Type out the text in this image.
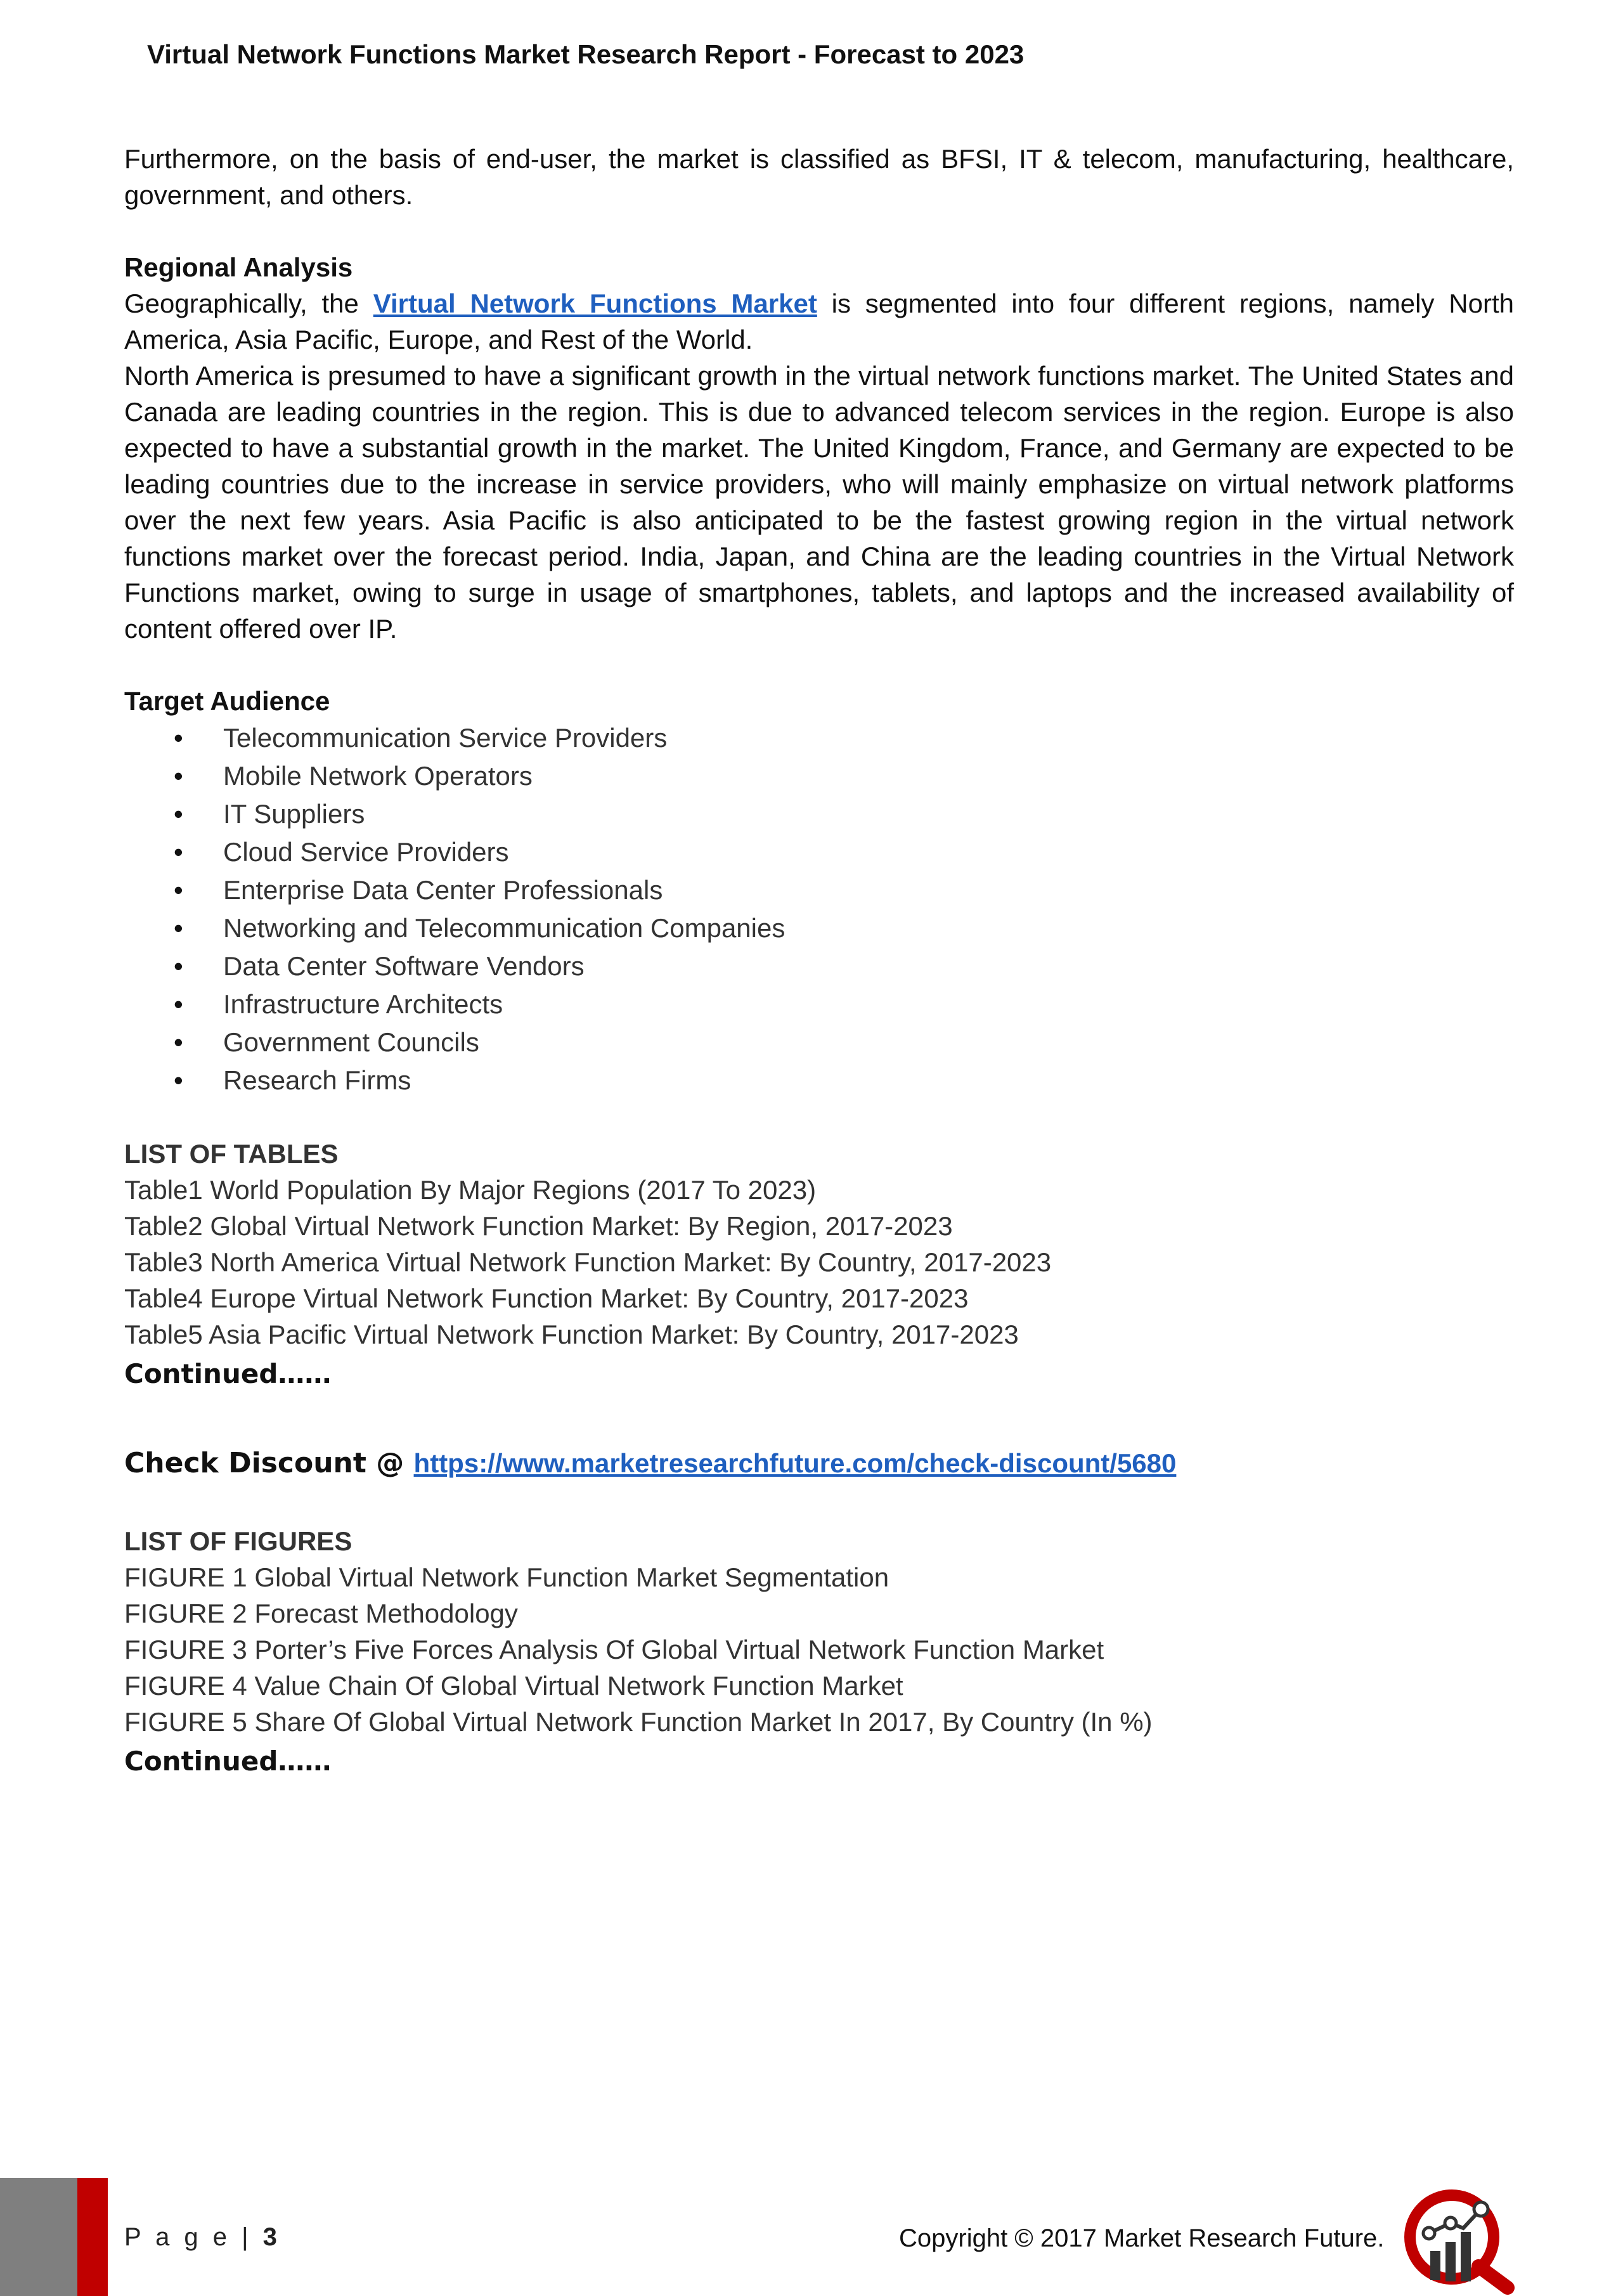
Virtual Network Functions Market Research Report - Forecast to 2023

Furthermore, on the basis of end-user, the market is classified as BFSI, IT & telecom, manufacturing, healthcare, government, and others.

Regional Analysis

Geographically, the Virtual Network Functions Market is segmented into four different regions, namely North America, Asia Pacific, Europe, and Rest of the World.

North America is presumed to have a significant growth in the virtual network functions market. The United States and Canada are leading countries in the region. This is due to advanced telecom services in the region. Europe is also expected to have a substantial growth in the market. The United Kingdom, France, and Germany are expected to be leading countries due to the increase in service providers, who will mainly emphasize on virtual network platforms over the next few years. Asia Pacific is also anticipated to be the fastest growing region in the virtual network functions market over the forecast period. India, Japan, and China are the leading countries in the Virtual Network Functions market, owing to surge in usage of smartphones, tablets, and laptops and the increased availability of content offered over IP.

Target Audience
• Telecommunication Service Providers
• Mobile Network Operators
• IT Suppliers
• Cloud Service Providers
• Enterprise Data Center Professionals
• Networking and Telecommunication Companies
• Data Center Software Vendors
• Infrastructure Architects
• Government Councils
• Research Firms
LIST OF TABLES
Table1 World Population By Major Regions (2017 To 2023)
Table2 Global Virtual Network Function Market: By Region, 2017-2023
Table3 North America Virtual Network Function Market: By Country, 2017-2023
Table4 Europe Virtual Network Function Market: By Country, 2017-2023
Table5 Asia Pacific Virtual Network Function Market: By Country, 2017-2023
Continued……
Check Discount @ https://www.marketresearchfuture.com/check-discount/5680
LIST OF FIGURES
FIGURE 1 Global Virtual Network Function Market Segmentation
FIGURE 2 Forecast Methodology
FIGURE 3 Porter’s Five Forces Analysis Of Global Virtual Network Function Market
FIGURE 4 Value Chain Of Global Virtual Network Function Market
FIGURE 5 Share Of Global Virtual Network Function Market In 2017, By Country (In %)
Continued……
P a g e | 3	Copyright © 2017 Market Research Future.
